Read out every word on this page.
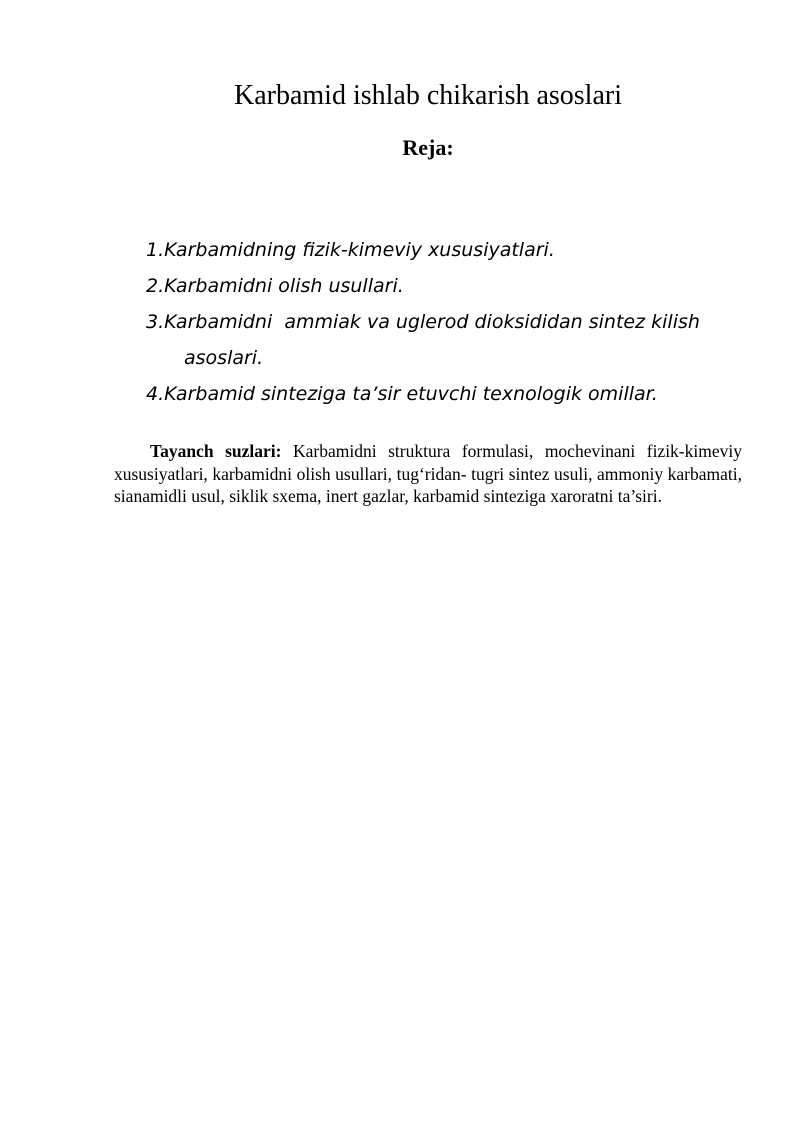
Karbamid ishlab chikarish asoslari
Reja:
1.Karbamidning fizik-kimeviy xususiyatlari.
2.Karbamidni olish usullari.
3.Karbamidni  ammiak va uglerod dioksididan sintez kilish
asoslari.
4.Karbamid sinteziga ta’sir etuvchi texnologik omillar.

Tayanch suzlari: Karbamidni struktura formulasi, mochevinani fizik-kimeviy xususiyatlari, karbamidni olish usullari, tug‘ridan- tugri sintez usuli, ammoniy karbamati, sianamidli usul, siklik sxema, inert gazlar, karbamid sinteziga xaroratni ta’siri.
